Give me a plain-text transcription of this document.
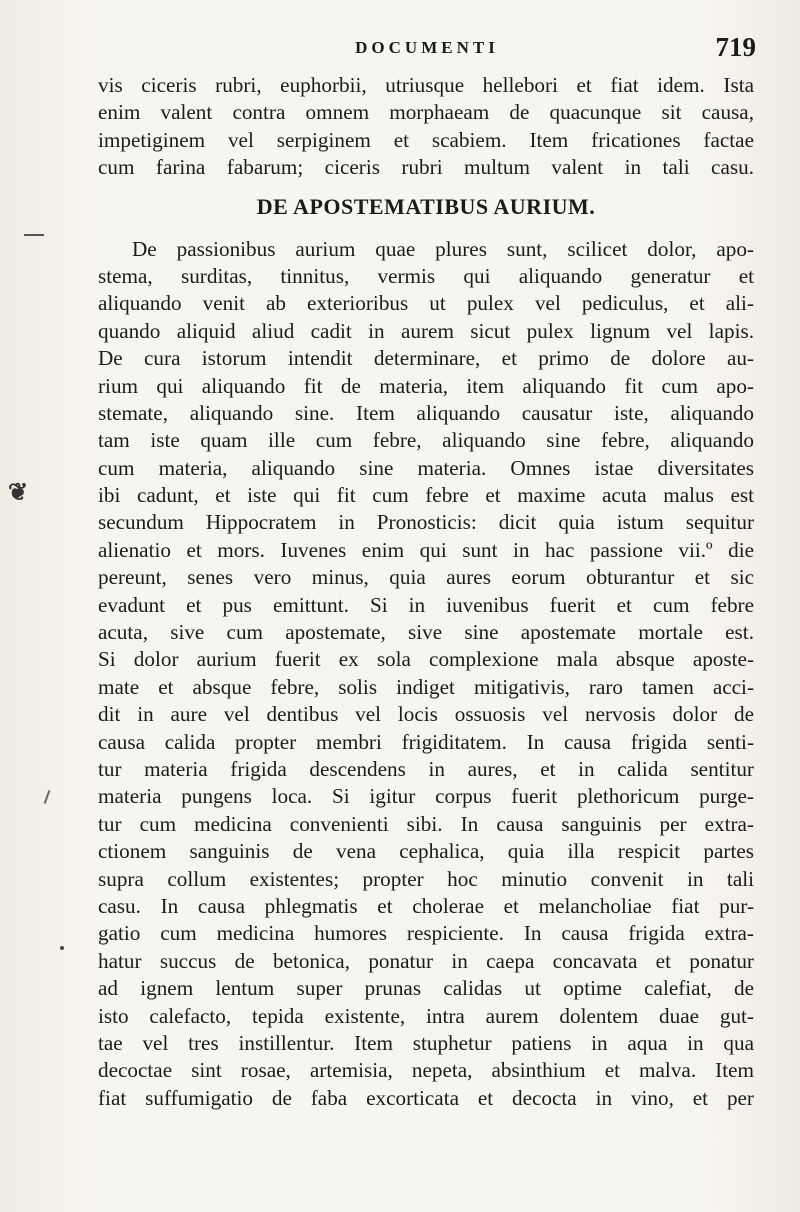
DOCUMENTI	719
❦
vis ciceris rubri, euphorbii, utriusque hellebori et fiat idem. Ista
enim valent contra omnem morphaeam de quacunque sit causa,
impetiginem vel serpiginem et scabiem. Item fricationes factae
cum farina fabarum; ciceris rubri multum valent in tali casu.
DE APOSTEMATIBUS AURIUM.
De passionibus aurium quae plures sunt, scilicet dolor, apo-
stema, surditas, tinnitus, vermis qui aliquando generatur et
aliquando venit ab exterioribus ut pulex vel pediculus, et ali-
quando aliquid aliud cadit in aurem sicut pulex lignum vel lapis.
De cura istorum intendit determinare, et primo de dolore au-
rium qui aliquando fit de materia, item aliquando fit cum apo-
stemate, aliquando sine. Item aliquando causatur iste, aliquando
tam iste quam ille cum febre, aliquando sine febre, aliquando
cum materia, aliquando sine materia. Omnes istae diversitates
ibi cadunt, et iste qui fit cum febre et maxime acuta malus est
secundum Hippocratem in Pronosticis: dicit quia istum sequitur
alienatio et mors. Iuvenes enim qui sunt in hac passione vii.º die
pereunt, senes vero minus, quia aures eorum obturantur et sic
evadunt et pus emittunt. Si in iuvenibus fuerit et cum febre
acuta, sive cum apostemate, sive sine apostemate mortale est.
Si dolor aurium fuerit ex sola complexione mala absque aposte-
mate et absque febre, solis indiget mitigativis, raro tamen acci-
dit in aure vel dentibus vel locis ossuosis vel nervosis dolor de
causa calida propter membri frigiditatem. In causa frigida senti-
tur materia frigida descendens in aures, et in calida sentitur
materia pungens loca. Si igitur corpus fuerit plethoricum purge-
tur cum medicina convenienti sibi. In causa sanguinis per extra-
ctionem sanguinis de vena cephalica, quia illa respicit partes
supra collum existentes; propter hoc minutio convenit in tali
casu. In causa phlegmatis et cholerae et melancholiae fiat pur-
gatio cum medicina humores respiciente. In causa frigida extra-
hatur succus de betonica, ponatur in caepa concavata et ponatur
ad ignem lentum super prunas calidas ut optime calefiat, de
isto calefacto, tepida existente, intra aurem dolentem duae gut-
tae vel tres instillentur. Item stuphetur patiens in aqua in qua
decoctae sint rosae, artemisia, nepeta, absinthium et malva. Item
fiat suffumigatio de faba excorticata et decocta in vino, et per
